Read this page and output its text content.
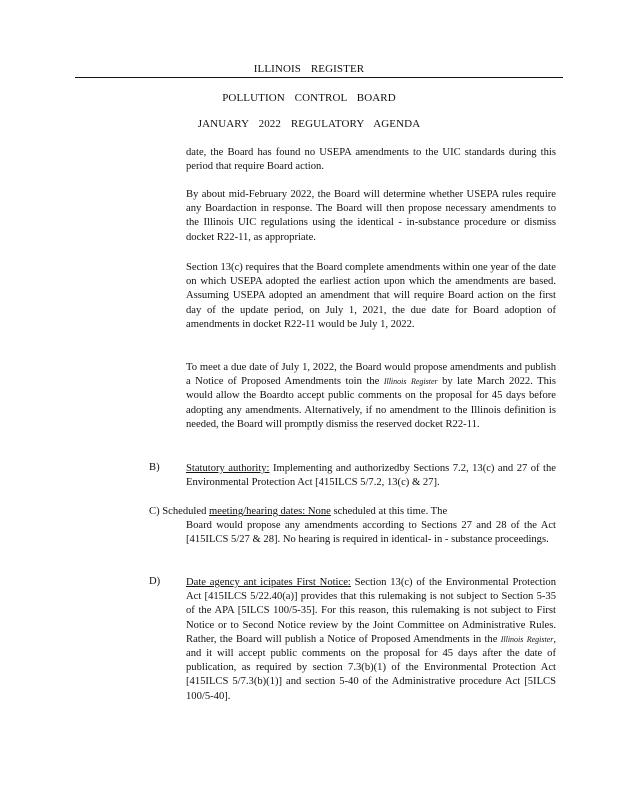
ILLINOIS REGISTER
POLLUTION CONTROL BOARD
JANUARY 2022 REGULATORY AGENDA

date, the Board has found no USEPA amendments to the UIC standards during this period that require Board action.

By about mid-February 2022, the Board will determine whether USEPA rules require any Boardaction in response. The Board will then propose necessary amendments to the Illinois UIC regulations using the identical - in-substance procedure or dismiss docket R22-11, as appropriate.

Section 13(c) requires that the Board complete amendments within one year of the date on which USEPA adopted the earliest action upon which the amendments are based. Assuming USEPA adopted an amendment that will require Board action on the first day of the update period, on July 1, 2021, the due date for Board adoption of amendments in docket R22-11 would be July 1, 2022.

To meet a due date of July 1, 2022, the Board would propose amendments and publish a Notice of Proposed Amendments toin the Illinois Register by late March 2022. This would allow the Boardto accept public comments on the proposal for 45 days before adopting any amendments. Alternatively, if no amendment to the Illinois definition is needed, the Board will promptly dismiss the reserved docket R22-11.

B) Statutory authority: Implementing and authorizedby Sections 7.2, 13(c) and 27 of the Environmental Protection Act [415ILCS 5/7.2, 13(c) & 27].

C) Scheduled meeting/hearing dates: None scheduled at this time. The

Board would propose any amendments according to Sections 27 and 28 of the Act [415ILCS 5/27 & 28]. No hearing is required in identical- in - substance proceedings.

D) Date agency ant icipates First Notice: Section 13(c) of the Environmental Protection Act [415ILCS 5/22.40(a)] provides that this rulemaking is not subject to Section 5-35 of the APA [5ILCS 100/5-35]. For this reason, this rulemaking is not subject to First Notice or to Second Notice review by the Joint Committee on Administrative Rules. Rather, the Board will publish a Notice of Proposed Amendments in the Illinois Register, and it will accept public comments on the proposal for 45 days after the date of publication, as required by section 7.3(b)(1) of the Environmental Protection Act [415ILCS 5/7.3(b)(1)] and section 5-40 of the Administrative procedure Act [5ILCS 100/5-40].
